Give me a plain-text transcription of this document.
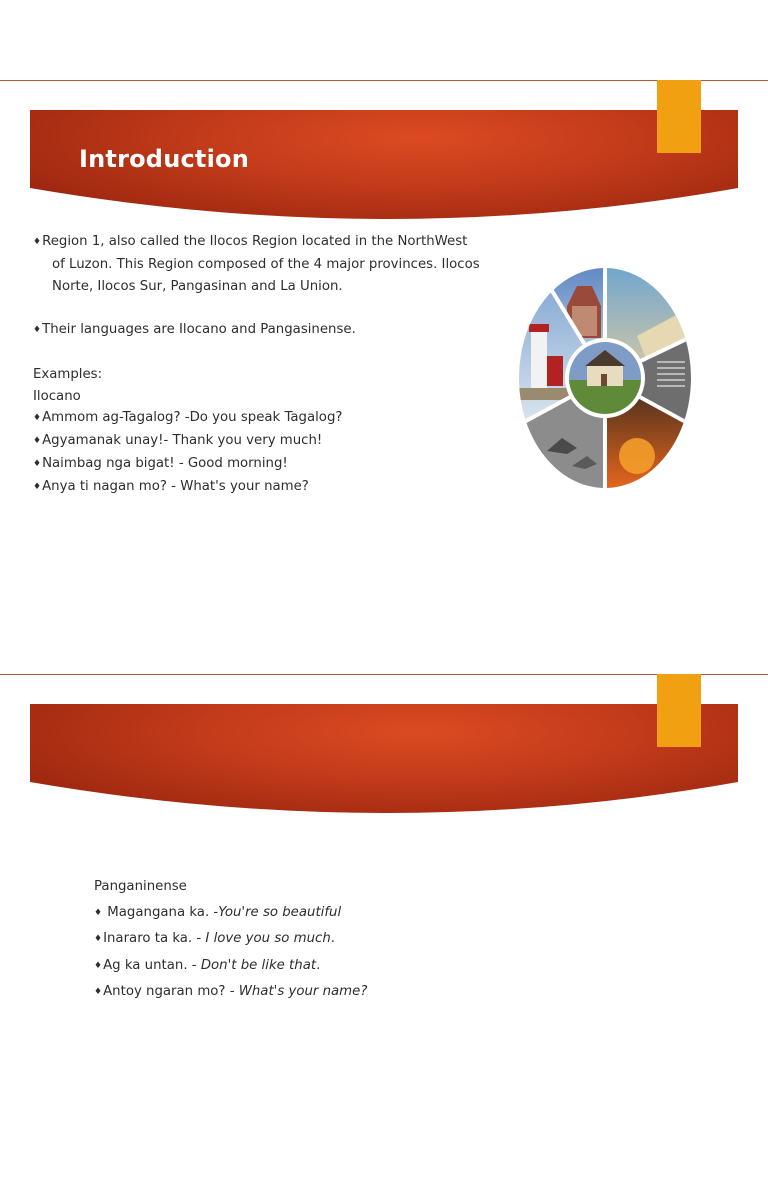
Introduction

♦ Region 1, also called the Ilocos Region located in the NorthWest

of Luzon. This Region composed of the 4 major provinces. Ilocos

Norte, Ilocos Sur, Pangasinan and La Union.

♦ Their languages are Ilocano and Pangasinense.

Examples:

Ilocano

♦ Ammom ag-Tagalog? -Do you speak Tagalog?

♦ Agyamanak unay!- Thank you very much!

♦ Naimbag nga bigat! - Good morning!

♦ Anya ti nagan mo? - What's your name?

Panganinense

♦ Magangana ka. -You're so beautiful

♦ Inararo ta ka. - I love you so much.

♦ Ag ka untan. - Don't be like that.

♦ Antoy ngaran mo? - What's your name?
